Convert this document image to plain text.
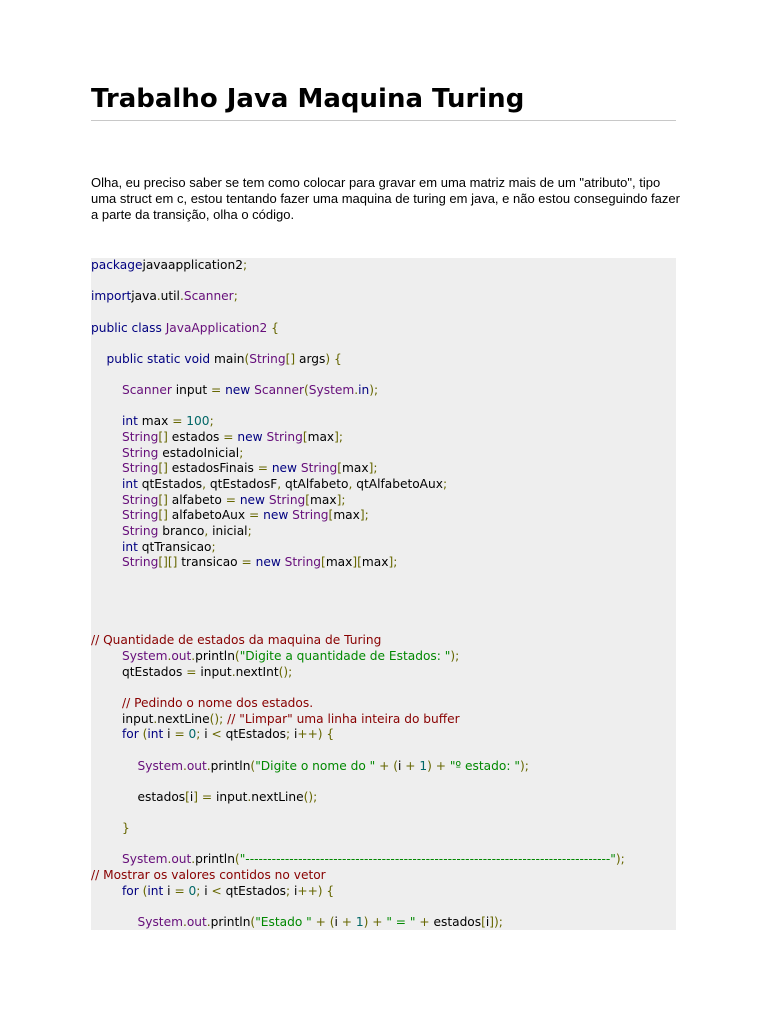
Trabalho Java Maquina Turing

Olha, eu preciso saber se tem como colocar para gravar em uma matriz mais de um "atributo", tipo uma struct em c, estou tentando fazer uma maquina de turing em java, e não estou conseguindo fazer a parte da transição, olha o código.

packagejavaapplication2;
importjava.util.Scanner;
public class JavaApplication2 {
public static void main(String[] args) {
Scanner input = new Scanner(System.in);
int max = 100;
String[] estados = new String[max];
String estadoInicial;
String[] estadosFinais = new String[max];
int qtEstados, qtEstadosF, qtAlfabeto, qtAlfabetoAux;
String[] alfabeto = new String[max];
String[] alfabetoAux = new String[max];
String branco, inicial;
int qtTransicao;
String[][] transicao = new String[max][max];
// Quantidade de estados da maquina de Turing
System.out.println("Digite a quantidade de Estados: ");
qtEstados = input.nextInt();
// Pedindo o nome dos estados.
input.nextLine(); // "Limpar" uma linha inteira do buffer
for (int i = 0; i < qtEstados; i++) {
System.out.println("Digite o nome do " + (i + 1) + "º estado: ");
estados[i] = input.nextLine();
}
System.out.println("-----------------------------------------------------------------------------------");
// Mostrar os valores contidos no vetor
for (int i = 0; i < qtEstados; i++) {
System.out.println("Estado " + (i + 1) + " = " + estados[i]);
